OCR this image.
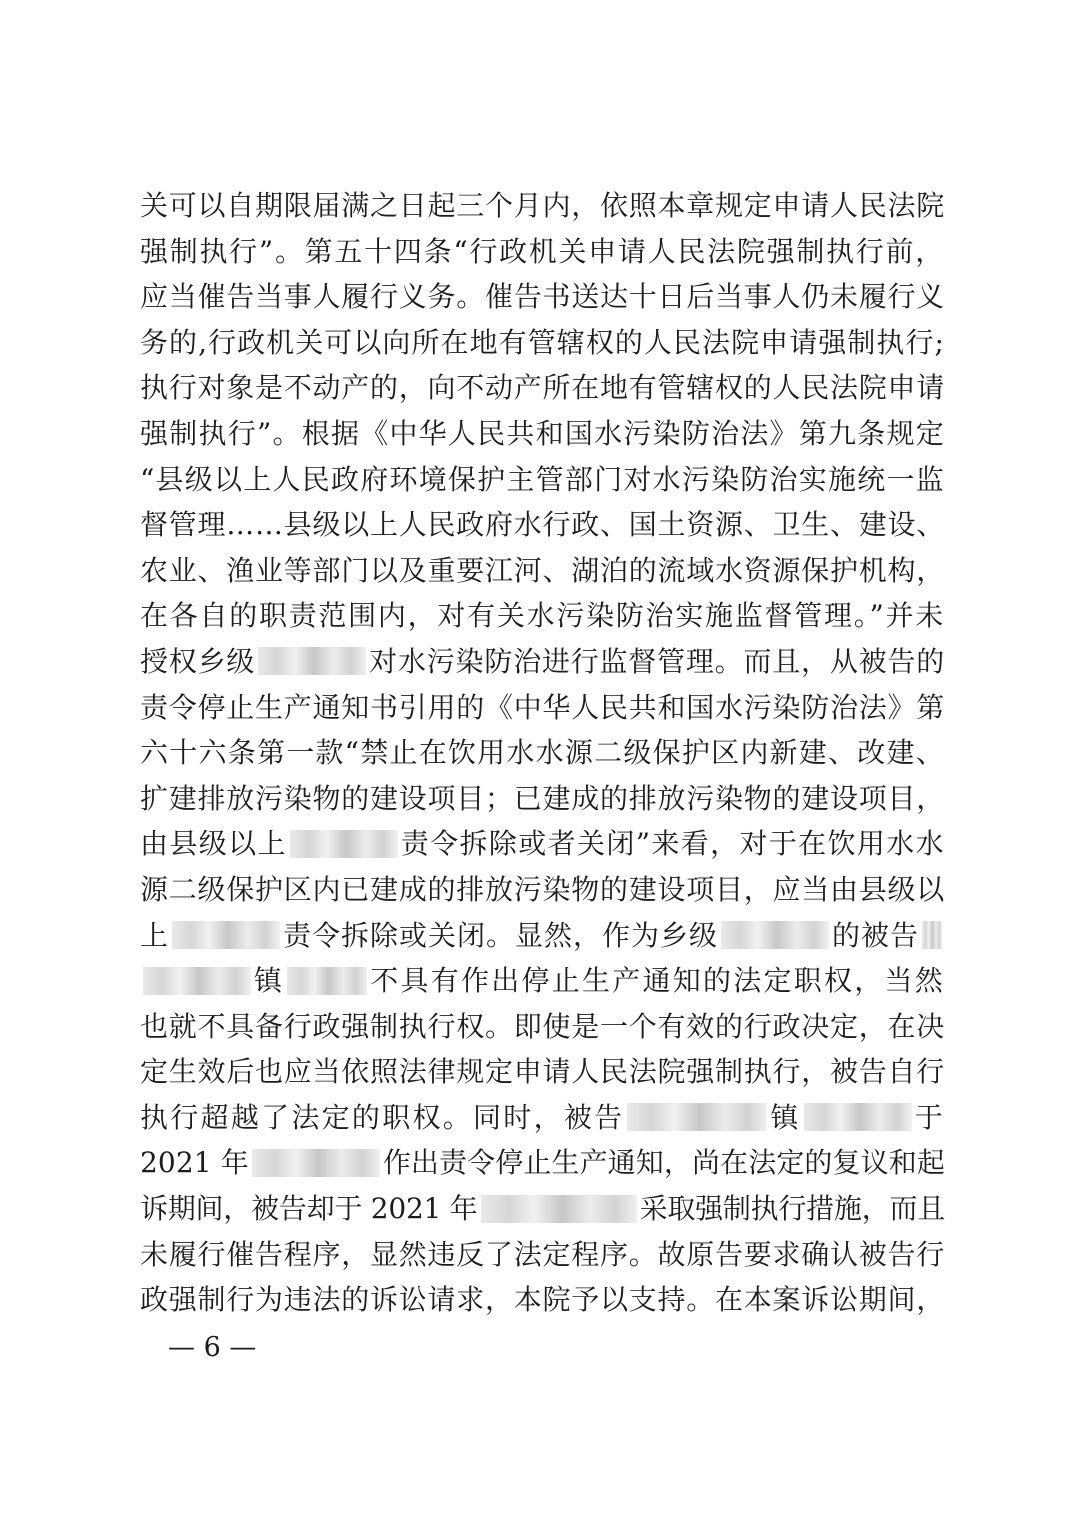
关可以自期限届满之日起三个月内，依照本章规定申请人民法院
强制执行”。第五十四条“行政机关申请人民法院强制执行前，
应当催告当事人履行义务。催告书送达十日后当事人仍未履行义
务的,行政机关可以向所在地有管辖权的人民法院申请强制执行;
执行对象是不动产的，向不动产所在地有管辖权的人民法院申请
强制执行”。根据《中华人民共和国水污染防治法》第九条规定
“县级以上人民政府环境保护主管部门对水污染防治实施统一监
督管理……县级以上人民政府水行政、国土资源、卫生、建设、
农业、渔业等部门以及重要江河、湖泊的流域水资源保护机构，
在各自的职责范围内，对有关水污染防治实施监督管理。”并未
授权乡级	对水污染防治进行监督管理。而且，从被告的
责令停止生产通知书引用的《中华人民共和国水污染防治法》第
六十六条第一款“禁止在饮用水水源二级保护区内新建、改建、
扩建排放污染物的建设项目；已建成的排放污染物的建设项目，
由县级以上	责令拆除或者关闭”来看，对于在饮用水水
源二级保护区内已建成的排放污染物的建设项目，应当由县级以
上	责令拆除或关闭。显然，作为乡级	的被告
镇	不具有作出停止生产通知的法定职权，当然
也就不具备行政强制执行权。即使是一个有效的行政决定，在决
定生效后也应当依照法律规定申请人民法院强制执行，被告自行
执行超越了法定的职权。同时，被告	镇	于
2021 年	作出责令停止生产通知，尚在法定的复议和起
诉期间，被告却于 2021 年	采取强制执行措施，而且
未履行催告程序，显然违反了法定程序。故原告要求确认被告行
政强制行为违法的诉讼请求，本院予以支持。在本案诉讼期间，
— 6 —
